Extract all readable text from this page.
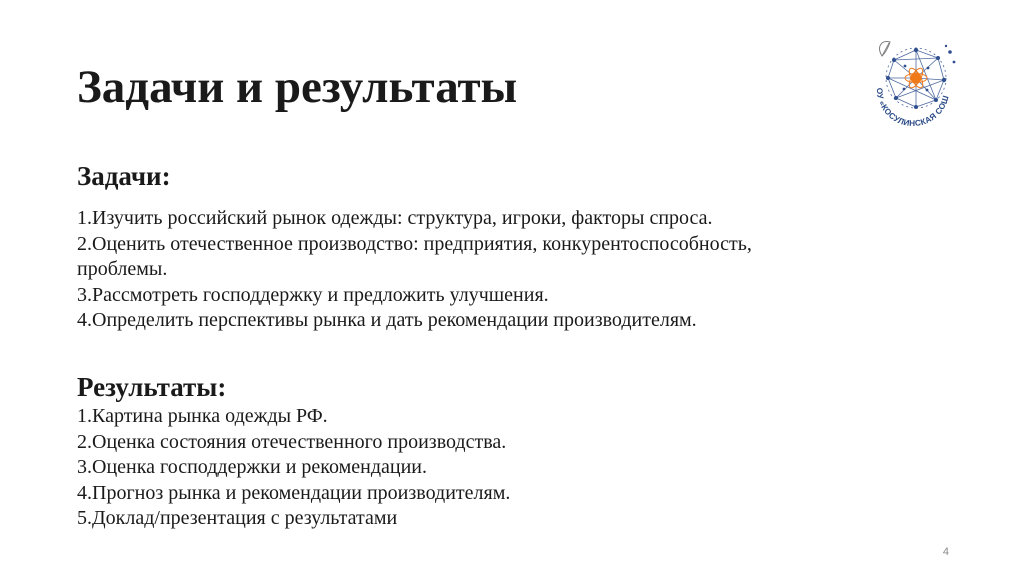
Задачи и результаты
Задачи:
1.Изучить российский рынок одежды: структура, игроки, факторы спроса.
2.Оценить отечественное производство: предприятия, конкурентоспособность,
проблемы.
3.Рассмотреть господдержку и предложить улучшения.
4.Определить перспективы рынка и дать рекомендации производителям.
Результаты:
1.Картина рынка одежды РФ.
2.Оценка состояния отечественного производства.
3.Оценка господдержки и рекомендации.
4.Прогноз рынка и рекомендации производителям.
5.Доклад/презентация с результатами
4
ОУ «КОСУЛИНСКАЯ СОШ
